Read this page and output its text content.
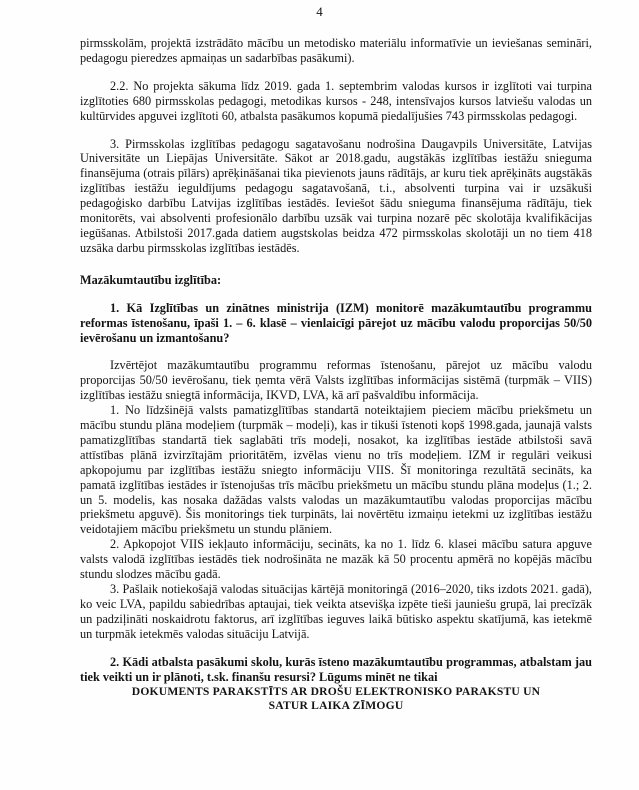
4

pirmsskolām, projektā izstrādāto mācību un metodisko materiālu informatīvie un ieviešanas semināri, pedagogu pieredzes apmaiņas un sadarbības pasākumi).

2.2. No projekta sākuma līdz 2019. gada 1. septembrim valodas kursos ir izglītoti vai turpina izglītoties 680 pirmsskolas pedagogi, metodikas kursos - 248, intensīvajos kursos latviešu valodas un kultūrvides apguvei izglītoti 60, atbalsta pasākumos kopumā piedalījušies 743 pirmsskolas pedagogi.

3. Pirmsskolas izglītības pedagogu sagatavošanu nodrošina Daugavpils Universitāte, Latvijas Universitāte un Liepājas Universitāte. Sākot ar 2018.gadu, augstākās izglītības iestāžu snieguma finansējuma (otrais pīlārs) aprēķināšanai tika pievienots jauns rādītājs, ar kuru tiek aprēķināts augstākās izglītības iestāžu ieguldījums pedagogu sagatavošanā, t.i., absolventi turpina vai ir uzsākuši pedagoģisko darbību Latvijas izglītības iestādēs. Ieviešot šādu snieguma finansējuma rādītāju, tiek monitorēts, vai absolventi profesionālo darbību uzsāk vai turpina nozarē pēc skolotāja kvalifikācijas iegūšanas. Atbilstoši 2017.gada datiem augstskolas beidza 472 pirmsskolas skolotāji un no tiem 418 uzsāka darbu pirmsskolas izglītības iestādēs.

Mazākumtautību izglītība:

1. Kā Izglītības un zinātnes ministrija (IZM) monitorē mazākumtautību programmu reformas īstenošanu, īpaši 1. – 6. klasē – vienlaicīgi pārejot uz mācību valodu proporcijas 50/50 ievērošanu un izmantošanu?

Izvērtējot mazākumtautību programmu reformas īstenošanu, pārejot uz mācību valodu proporcijas 50/50 ievērošanu, tiek ņemta vērā Valsts izglītības informācijas sistēmā (turpmāk – VIIS) izglītības iestāžu sniegtā informācija, IKVD, LVA, kā arī pašvaldību informācija.

1. No līdzšinējā valsts pamatizglītības standartā noteiktajiem pieciem mācību priekšmetu un mācību stundu plāna modeļiem (turpmāk – modeļi), kas ir tikuši īstenoti kopš 1998.gada, jaunajā valsts pamatizglītības standartā tiek saglabāti trīs modeļi, nosakot, ka izglītības iestāde atbilstoši savā attīstības plānā izvirzītajām prioritātēm, izvēlas vienu no trīs modeļiem. IZM ir regulāri veikusi apkopojumu par izglītības iestāžu sniegto informāciju VIIS. Šī monitoringa rezultātā secināts, ka pamatā izglītības iestādes ir īstenojušas trīs mācību priekšmetu un mācību stundu plāna modeļus (1.; 2. un 5. modelis, kas nosaka dažādas valsts valodas un mazākumtautību valodas proporcijas mācību priekšmetu apguvē). Šis monitorings tiek turpināts, lai novērtētu izmaiņu ietekmi uz izglītības iestāžu veidotajiem mācību priekšmetu un stundu plāniem.

2. Apkopojot VIIS iekļauto informāciju, secināts, ka no 1. līdz 6. klasei mācību satura apguve valsts valodā izglītības iestādēs tiek nodrošināta ne mazāk kā 50 procentu apmērā no kopējās mācību stundu slodzes mācību gadā.

3. Pašlaik notiekošajā valodas situācijas kārtējā monitoringā (2016–2020, tiks izdots 2021. gadā), ko veic LVA, papildu sabiedrības aptaujai, tiek veikta atsevišķa izpēte tieši jauniešu grupā, lai precīzāk un padziļināti noskaidrotu faktorus, arī izglītības ieguves laikā būtisko aspektu skatījumā, kas ietekmē un turpmāk ietekmēs valodas situāciju Latvijā.

2. Kādi atbalsta pasākumi skolu, kurās īsteno mazākumtautību programmas, atbalstam jau tiek veikti un ir plānoti, t.sk. finanšu resursi? Lūgums minēt ne tikai

DOKUMENTS PARAKSTĪTS AR DROŠU ELEKTRONISKO PARAKSTU UN
SATUR LAIKA ZĪMOGU
